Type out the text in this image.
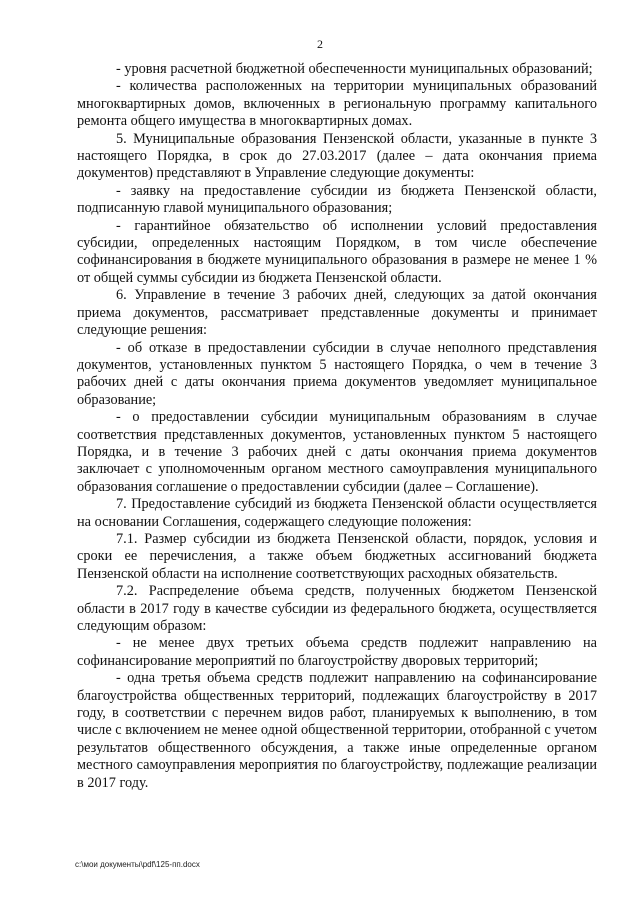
2

- уровня расчетной бюджетной обеспеченности муниципальных образований;

- количества расположенных на территории муниципальных образований многоквартирных домов, включенных в региональную программу капитального ремонта общего имущества в многоквартирных домах.

5. Муниципальные образования Пензенской области, указанные в пункте 3 настоящего Порядка, в срок до 27.03.2017 (далее – дата окончания приема документов) представляют в Управление следующие документы:

- заявку на предоставление субсидии из бюджета Пензенской области, подписанную главой муниципального образования;

- гарантийное обязательство об исполнении условий предоставления субсидии, определенных настоящим Порядком, в том числе обеспечение софинансирования в бюджете муниципального образования в размере не менее 1 % от общей суммы субсидии из бюджета Пензенской области.

6. Управление в течение 3 рабочих дней, следующих за датой окончания приема документов, рассматривает представленные документы и принимает следующие решения:

- об отказе в предоставлении субсидии в случае неполного представления документов, установленных пунктом 5 настоящего Порядка, о чем в течение 3 рабочих дней с даты окончания приема документов уведомляет муниципальное образование;

- о предоставлении субсидии муниципальным образованиям в случае соответствия представленных документов, установленных пунктом 5 настоящего Порядка, и в течение 3 рабочих дней с даты окончания приема документов заключает с уполномоченным органом местного самоуправления муниципального образования соглашение о предоставлении субсидии (далее – Соглашение).

7. Предоставление субсидий из бюджета Пензенской области осуществляется на основании Соглашения, содержащего следующие положения:

7.1. Размер субсидии из бюджета Пензенской области, порядок, условия и сроки ее перечисления, а также объем бюджетных ассигнований бюджета Пензенской области на исполнение соответствующих расходных обязательств.

7.2. Распределение объема средств, полученных бюджетом Пензенской области в 2017 году в качестве субсидии из федерального бюджета, осуществляется следующим образом:

- не менее двух третьих объема средств подлежит направлению на софинансирование мероприятий по благоустройству дворовых территорий;

- одна третья объема средств подлежит направлению на софинансирование благоустройства общественных территорий, подлежащих благоустройству в 2017 году, в соответствии с перечнем видов работ, планируемых к выполнению, в том числе с включением не менее одной общественной территории, отобранной с учетом результатов общественного обсуждения, а также иные определенные органом местного самоуправления мероприятия по благоустройству, подлежащие реализации в 2017 году.

c:\мои документы\pdf\125-пп.docx
